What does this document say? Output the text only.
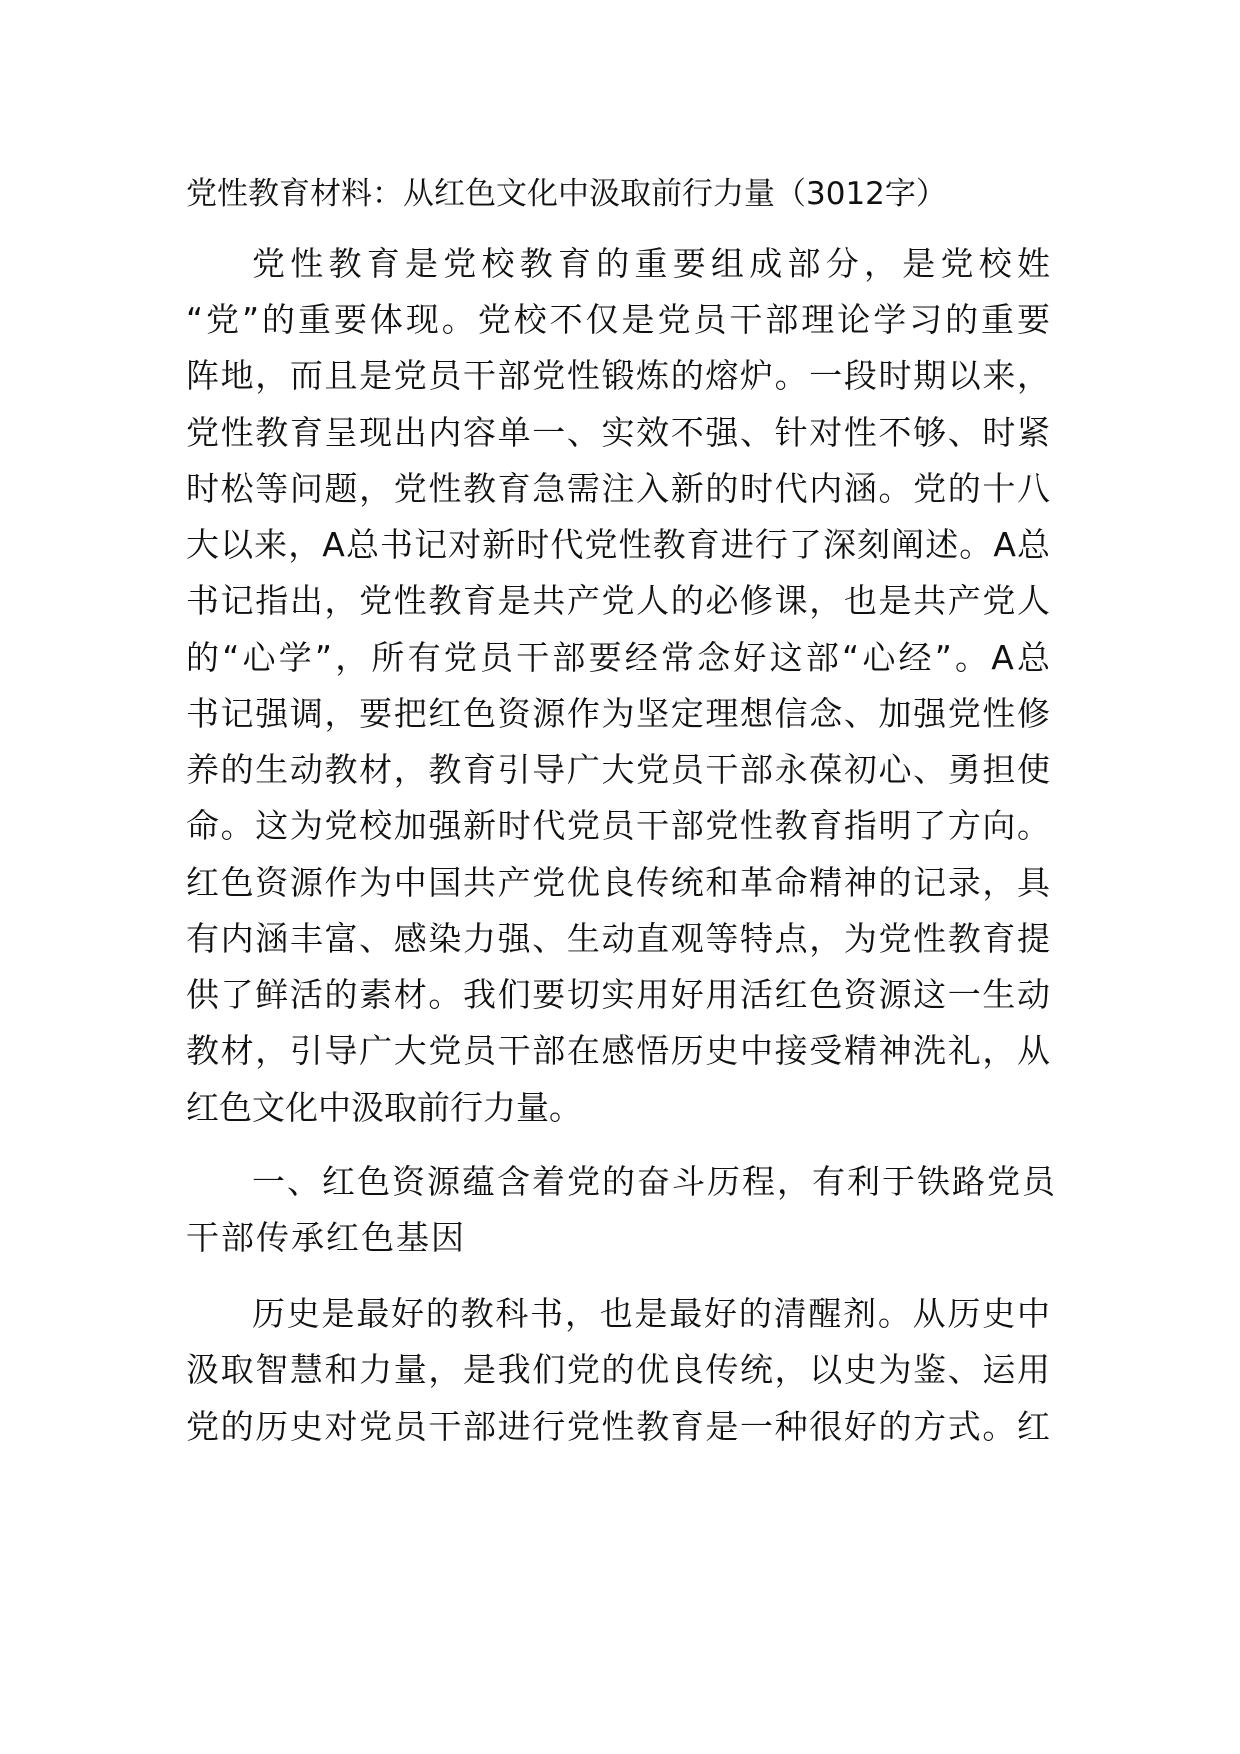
党性教育材料：从红色文化中汲取前行力量（3012字）

党性教育是党校教育的重要组成部分，是党校姓

“党”的重要体现。党校不仅是党员干部理论学习的重要

阵地，而且是党员干部党性锻炼的熔炉。一段时期以来，

党性教育呈现出内容单一、实效不强、针对性不够、时紧

时松等问题，党性教育急需注入新的时代内涵。党的十八

大以来，A总书记对新时代党性教育进行了深刻阐述。A总

书记指出，党性教育是共产党人的必修课，也是共产党人

的“心学”，所有党员干部要经常念好这部“心经”。A总

书记强调，要把红色资源作为坚定理想信念、加强党性修

养的生动教材，教育引导广大党员干部永葆初心、勇担使

命。这为党校加强新时代党员干部党性教育指明了方向。

红色资源作为中国共产党优良传统和革命精神的记录，具

有内涵丰富、感染力强、生动直观等特点，为党性教育提

供了鲜活的素材。我们要切实用好用活红色资源这一生动

教材，引导广大党员干部在感悟历史中接受精神洗礼，从

红色文化中汲取前行力量。

一、红色资源蕴含着党的奋斗历程，有利于铁路党员

干部传承红色基因

历史是最好的教科书，也是最好的清醒剂。从历史中

汲取智慧和力量，是我们党的优良传统，以史为鉴、运用

党的历史对党员干部进行党性教育是一种很好的方式。红
